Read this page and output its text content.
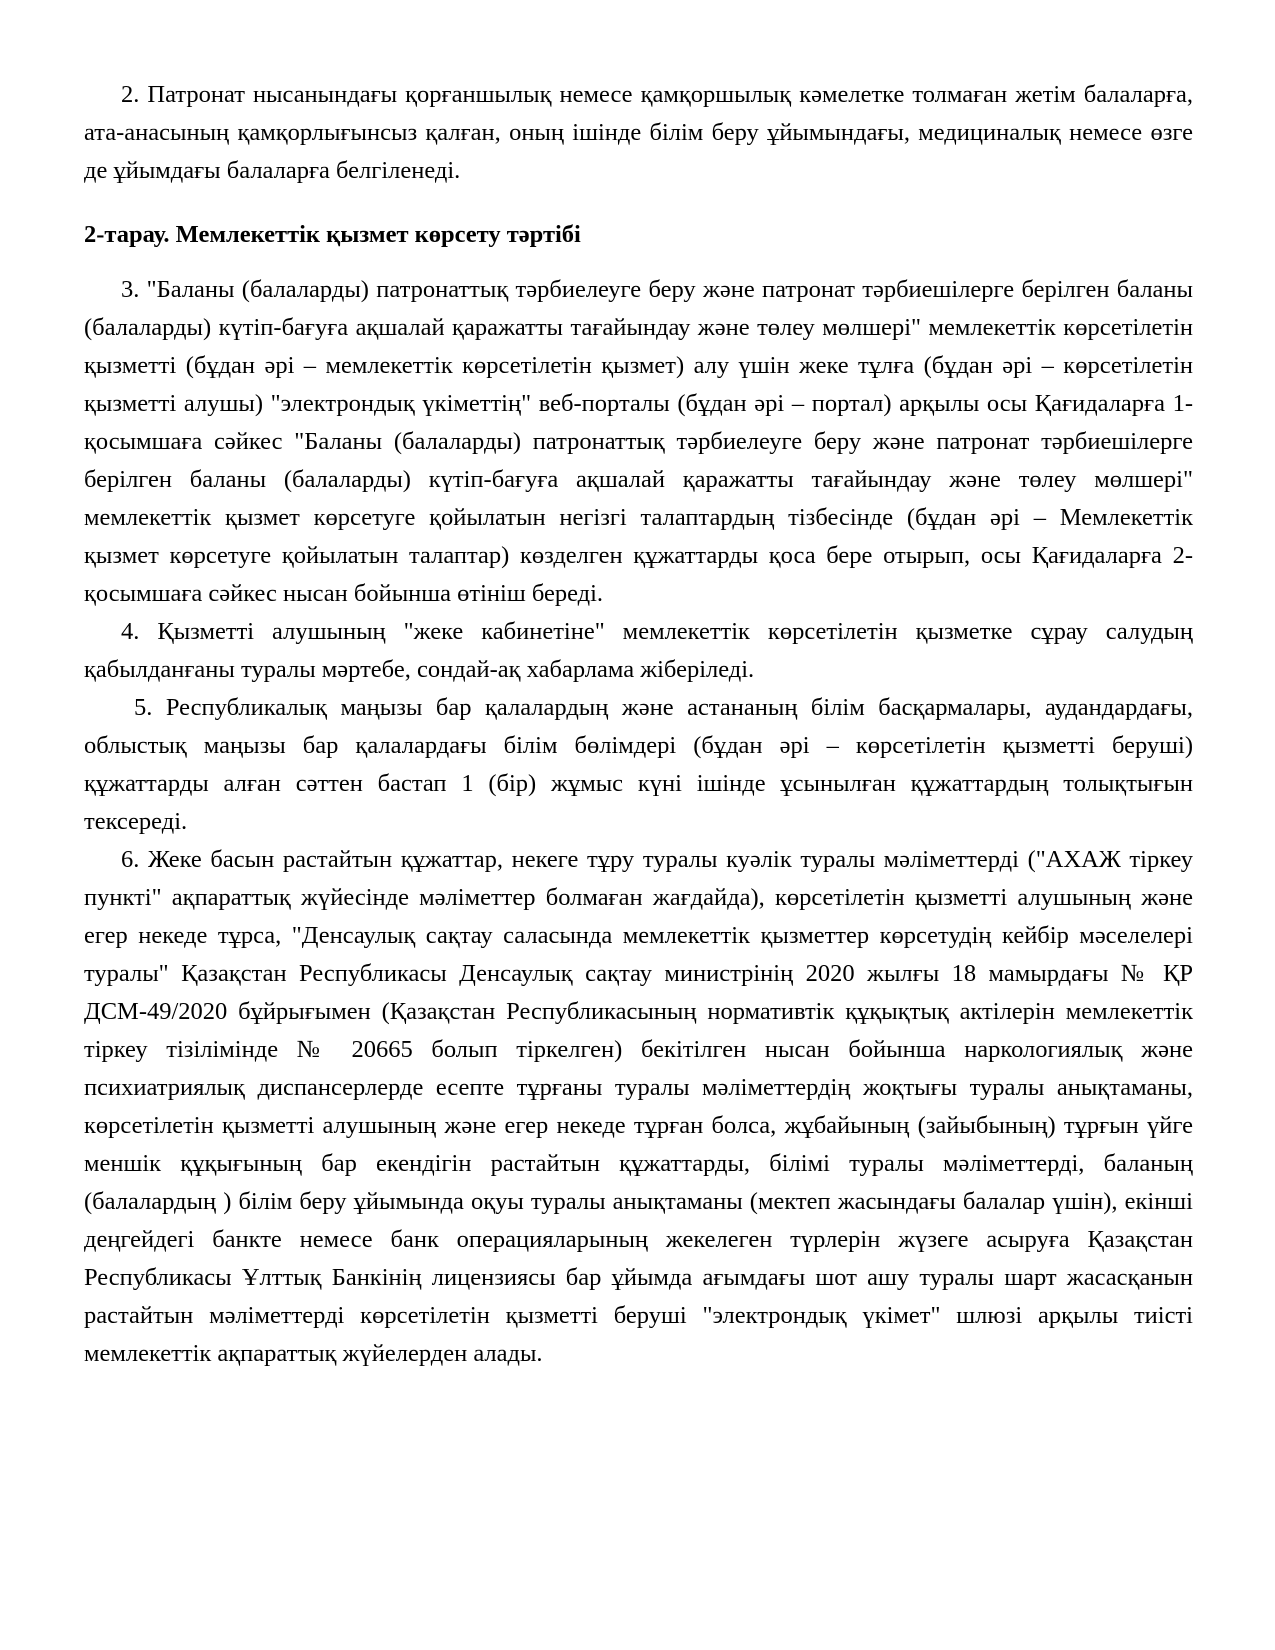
2. Патронат нысанындағы қорғаншылық немесе қамқоршылық кәмелетке толмаған жетім балаларға, ата-анасының қамқорлығынсыз қалған, оның ішінде білім беру ұйымындағы, медициналық немесе өзге де ұйымдағы балаларға белгіленеді.

2-тарау. Мемлекеттік қызмет көрсету тәртібі

3. "Баланы (балаларды) патронаттық тәрбиелеуге беру және патронат тәрбиешілерге берілген баланы (балаларды) күтіп-бағуға ақшалай қаражатты тағайындау және төлеу мөлшері" мемлекеттік көрсетілетін қызметті (бұдан әрі – мемлекеттік көрсетілетін қызмет) алу үшін жеке тұлға (бұдан әрі – көрсетілетін қызметті алушы) "электрондық үкіметтің" веб-порталы (бұдан әрі – портал) арқылы осы Қағидаларға 1-қосымшаға сәйкес "Баланы (балаларды) патронаттық тәрбиелеуге беру және патронат тәрбиешілерге берілген баланы (балаларды) күтіп-бағуға ақшалай қаражатты тағайындау және төлеу мөлшері" мемлекеттік қызмет көрсетуге қойылатын негізгі талаптардың тізбесінде (бұдан әрі – Мемлекеттік қызмет көрсетуге қойылатын талаптар) көзделген құжаттарды қоса бере отырып, осы Қағидаларға 2-қосымшаға сәйкес нысан бойынша өтініш береді.

4. Қызметті алушының "жеке кабинетіне" мемлекеттік көрсетілетін қызметке сұрау салудың қабылданғаны туралы мәртебе, сондай-ақ хабарлама жіберіледі.

5. Республикалық маңызы бар қалалардың және астананың білім басқармалары, аудандардағы, облыстық маңызы бар қалалардағы білім бөлімдері (бұдан әрі – көрсетілетін қызметті беруші) құжаттарды алған сәттен бастап 1 (бір) жұмыс күні ішінде ұсынылған құжаттардың толықтығын тексереді.

6. Жеке басын растайтын құжаттар, некеге тұру туралы куәлік туралы мәліметтерді ("АХАЖ тіркеу пункті" ақпараттық жүйесінде мәліметтер болмаған жағдайда), көрсетілетін қызметті алушының және егер некеде тұрса, "Денсаулық сақтау саласында мемлекеттік қызметтер көрсетудің кейбір мәселелері туралы" Қазақстан Республикасы Денсаулық сақтау министрінің 2020 жылғы 18 мамырдағы № ҚР ДСМ-49/2020 бұйрығымен (Қазақстан Республикасының нормативтік құқықтық актілерін мемлекеттік тіркеу тізілімінде № 20665 болып тіркелген) бекітілген нысан бойынша наркологиялық және психиатриялық диспансерлерде есепте тұрғаны туралы мәліметтердің жоқтығы туралы анықтаманы, көрсетілетін қызметті алушының және егер некеде тұрған болса, жұбайының (зайыбының) тұрғын үйге меншік құқығының бар екендігін растайтын құжаттарды, білімі туралы мәліметтерді, баланың (балалардың ) білім беру ұйымында оқуы туралы анықтаманы (мектеп жасындағы балалар үшін), екінші деңгейдегі банкте немесе банк операцияларының жекелеген түрлерін жүзеге асыруға Қазақстан Республикасы Ұлттық Банкінің лицензиясы бар ұйымда ағымдағы шот ашу туралы шарт жасасқанын растайтын мәліметтерді көрсетілетін қызметті беруші "электрондық үкімет" шлюзі арқылы тиісті мемлекеттік ақпараттық жүйелерден алады.
